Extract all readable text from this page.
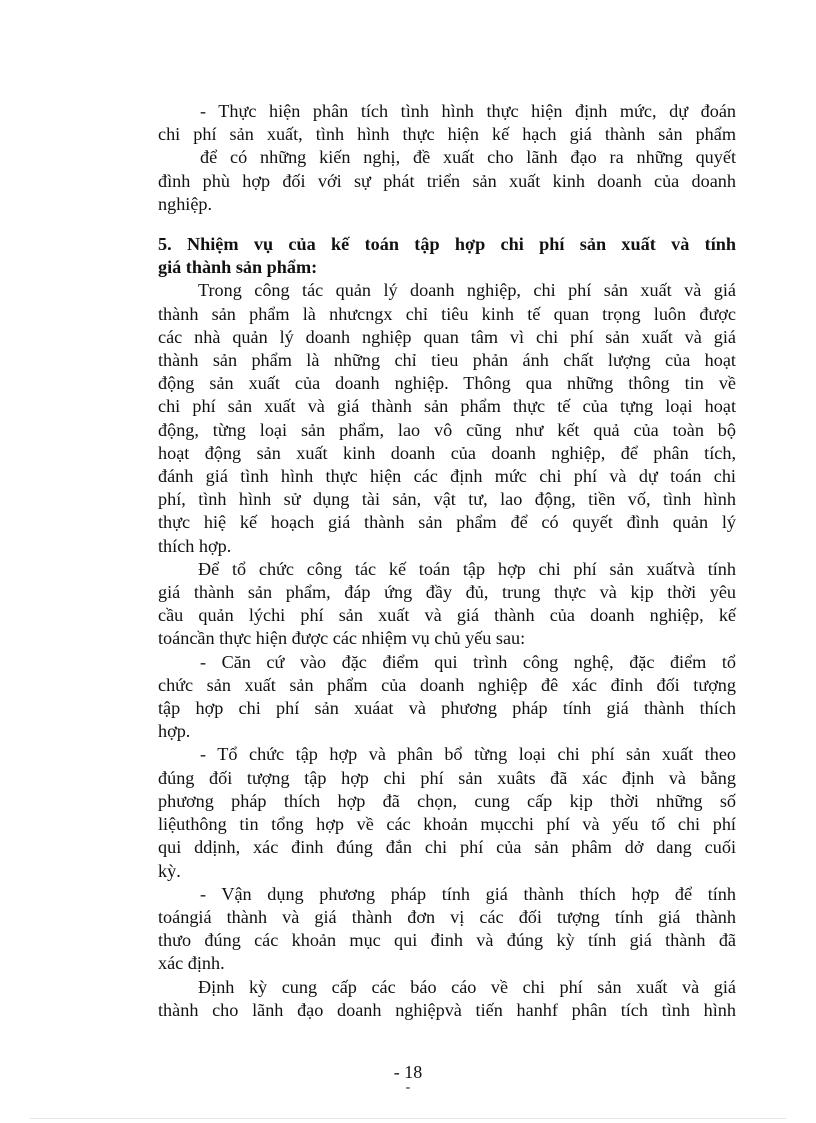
- Thực hiện phân tích tình hình thực hiện định mức, dự đoán

chi phí sản xuất, tình hình thực hiện kế hạch giá thành sản phẩm

để có những kiến nghị, đề xuất cho lãnh đạo ra những quyết

đình phù hợp đối với sự phát triển sản xuất kinh doanh của doanh

nghiệp.

5. Nhiệm vụ của kế toán tập hợp chi phí sản xuất và tính

giá thành sản phẩm:

Trong công tác quản lý doanh nghiệp, chi phí sản xuất và giá

thành sản phẩm là nhưcngx chỉ tiêu kinh tế quan trọng luôn được

các nhà quản lý doanh nghiệp quan tâm vì chi phí sản xuất và giá

thành sản phẩm là những chỉ tieu phản ánh chất lượng của hoạt

động sản xuất của doanh nghiệp. Thông qua những thông tin về

chi phí sản xuất và giá thành sản phẩm thực tế của tựng loại hoạt

động, từng loại sản phẩm, lao vô cũng như kết quả của toàn bộ

hoạt động sản xuất kinh doanh của doanh nghiệp, để phân tích,

đánh giá tình hình thực hiện các định mức chi phí và dự toán chi

phí, tình hình sử dụng tài sản, vật tư, lao động, tiền vố, tình hình

thực hiệ kế hoạch giá thành sản phẩm để có quyết đình quản lý

thích hợp.

Để tổ chức công tác kế toán tập hợp chi phí sản xuấtvà tính

giá thành sản phẩm, đáp ứng đầy đủ, trung thực và kịp thời yêu

cầu quản lýchi phí sản xuất và giá thành của doanh nghiệp, kế

toáncần thực hiện được các nhiệm vụ chủ yếu sau:

- Căn cứ vào đặc điểm qui trình công nghệ, đặc điểm tổ

chức sản xuất sản phẩm của doanh nghiệp đê xác đỉnh đối tượng

tập hợp chi phí sản xuáat và phương pháp tính giá thành thích

hợp.

- Tổ chức tập hợp và phân bổ từng loại chi phí sản xuất theo

đúng đối tượng tập hợp chi phí sản xuâts đã xác định và bằng

phương pháp thích hợp đã chọn, cung cấp kịp thời những số

liệuthông tin tổng hợp về các khoản mụcchi phí và yếu tố chi phí

qui ddịnh, xác đinh đúng đắn chi phí của sản phâm dở dang cuối

kỳ.

- Vận dụng phương pháp tính giá thành thích hợp để tính

toángiá thành và giá thành đơn vị các đối tượng tính giá thành

thưo đúng các khoản mục qui đinh và đúng kỳ tính giá thành đã

xác định.

Định kỳ cung cấp các báo cáo về chi phí sản xuất và giá

thành cho lãnh đạo doanh nghiệpvà tiến hanhf phân tích tình hình

- 18
-
